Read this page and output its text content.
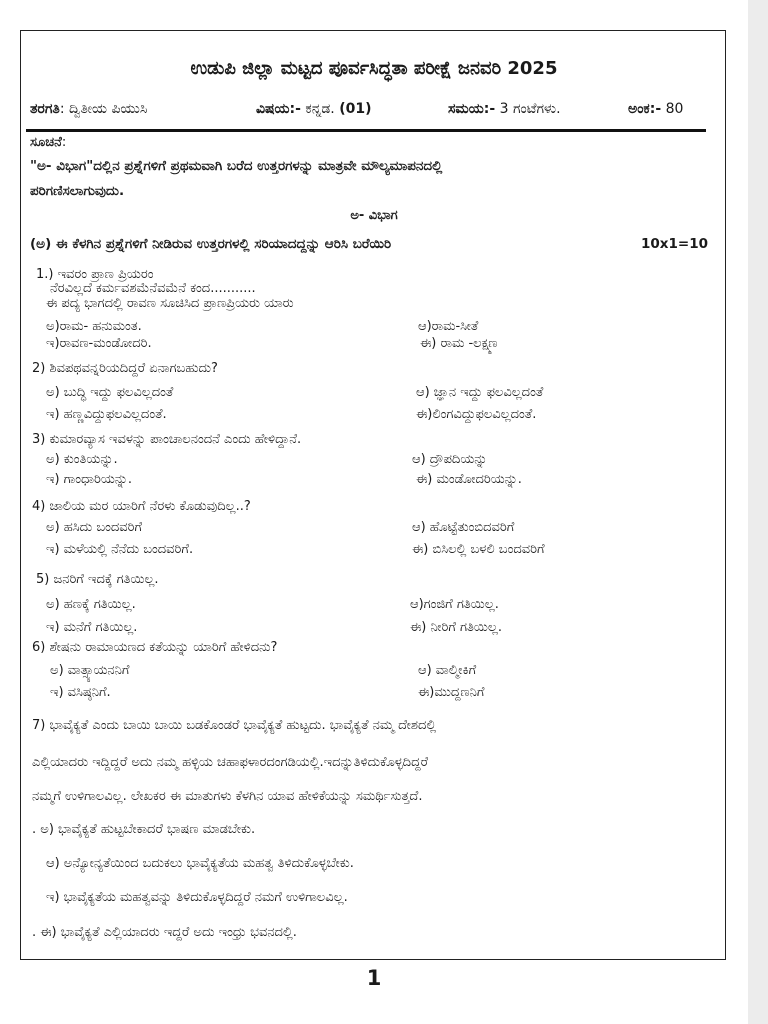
ಉಡುಪಿ ಜಿಲ್ಲಾ ಮಟ್ಟದ ಪೂರ್ವಸಿದ್ಧತಾ ಪರೀಕ್ಷೆ ಜನವರಿ 2025
ತರಗತಿ: ದ್ವಿತೀಯ ಪಿಯುಸಿ	ವಿಷಯ:- ಕನ್ನಡ. (01)	ಸಮಯ:- 3 ಗಂಟೆಗಳು.	ಅಂಕ:- 80
ಸೂಚನೆ:
"ಅ- ವಿಭಾಗ"ದಲ್ಲಿನ ಪ್ರಶ್ನೆಗಳಿಗೆ ಪ್ರಥಮವಾಗಿ ಬರೆದ ಉತ್ತರಗಳನ್ನು ಮಾತ್ರವೇ ಮೌಲ್ಯಮಾಪನದಲ್ಲಿ
ಪರಿಗಣಿಸಲಾಗುವುದು.
ಅ- ವಿಭಾಗ
(ಅ) ಈ ಕೆಳಗಿನ ಪ್ರಶ್ನೆಗಳಿಗೆ ನೀಡಿರುವ ಉತ್ತರಗಳಲ್ಲಿ ಸರಿಯಾದದ್ದನ್ನು ಆರಿಸಿ ಬರೆಯಿರಿ	10x1=10
1.) ಇವರಂ ಪ್ರಾಣ ಪ್ರಿಯರಂ
ನೆರವಿಲ್ಲದೆ ಕರ್ಮವಶಮೆನೆವಮೆನೆ ಕಂದ...........
ಈ ಪದ್ಯ ಭಾಗದಲ್ಲಿ ರಾವಣ ಸೂಚಿಸಿದ ಪ್ರಾಣಪ್ರಿಯರು ಯಾರು
ಅ)ರಾಮ- ಹನುಮಂತ.	ಆ)ರಾಮ-ಸೀತೆ
ಇ)ರಾವಣ-ಮಂಡೋದರಿ.	ಈ) ರಾಮ -ಲಕ್ಷ್ಮಣ
2) ಶಿವಪಥವನ್ನರಿಯದಿದ್ದರೆ ಏನಾಗಬಹುದು?
ಅ) ಬುದ್ಧಿ ಇದ್ದು ಫಲವಿಲ್ಲದಂತೆ	ಆ) ಜ್ಞಾನ ಇದ್ದು ಫಲವಿಲ್ಲದಂತೆ
ಇ) ಹಣ್ಣವಿದ್ದುಫಲವಿಲ್ಲದಂತೆ.	ಈ)ಲಿಂಗವಿದ್ದುಫಲವಿಲ್ಲದಂತೆ.
3) ಕುಮಾರವ್ಯಾಸ ಇವಳನ್ನು ಪಾಂಚಾಲನಂದನೆ ಎಂದು ಹೇಳಿದ್ದಾನೆ.
ಅ) ಕುಂತಿಯನ್ನು.	ಆ) ದ್ರೌಪದಿಯನ್ನು
ಇ) ಗಾಂಧಾರಿಯನ್ನು.	ಈ) ಮಂಡೋದರಿಯನ್ನು.
4) ಜಾಲಿಯ ಮರ ಯಾರಿಗೆ ನೆರಳು ಕೊಡುವುದಿಲ್ಲ..?
ಅ) ಹಸಿದು ಬಂದವರಿಗೆ	ಆ) ಹೊಟ್ಟೆತುಂಬಿದವರಿಗೆ
ಇ) ಮಳೆಯಲ್ಲಿ ನೆನೆದು ಬಂದವರಿಗೆ.	ಈ) ಬಿಸಿಲಲ್ಲಿ ಬಳಲಿ ಬಂದವರಿಗೆ
5) ಜನರಿಗೆ ಇದಕ್ಕೆ ಗತಿಯಿಲ್ಲ.
ಅ) ಹಣಕ್ಕೆ ಗತಿಯಿಲ್ಲ.	ಆ)ಗಂಜಿಗೆ ಗತಿಯಿಲ್ಲ.
ಇ) ಮನೆಗೆ ಗತಿಯಿಲ್ಲ.	ಈ) ನೀರಿಗೆ ಗತಿಯಿಲ್ಲ.
6) ಶೇಷನು ರಾಮಾಯಣದ ಕತೆಯನ್ನು ಯಾರಿಗೆ ಹೇಳಿದನು?
ಅ) ವಾತ್ಸ್ಯಾಯನನಿಗೆ	ಆ) ವಾಲ್ಮೀಕಿಗೆ
ಇ) ವಸಿಷ್ಠನಿಗೆ.	ಈ)ಮುದ್ದಣನಿಗೆ
7) ಭಾವೈಕ್ಯತೆ ಎಂದು ಬಾಯಿ ಬಾಯಿ ಬಡಕೊಂಡರೆ ಭಾವೈಕ್ಯತೆ ಹುಟ್ಟದು. ಭಾವೈಕ್ಯತೆ ನಮ್ಮ ದೇಶದಲ್ಲಿ
ಎಲ್ಲಿಯಾದರು ಇದ್ದಿದ್ದರೆ ಅದು ನಮ್ಮ ಹಳ್ಳಿಯ ಚಹಾಫಳಾರದಂಗಡಿಯಲ್ಲಿ.ಇದನ್ನುತಿಳಿದುಕೊಳ್ಳದಿದ್ದರೆ
ನಮ್ಮಗೆ ಉಳಿಗಾಲವಿಲ್ಲ. ಲೇಖಕರ ಈ ಮಾತುಗಳು ಕೆಳಗಿನ ಯಾವ ಹೇಳಿಕೆಯನ್ನು ಸಮರ್ಥಿಸುತ್ತದೆ.
. ಅ) ಭಾವೈಕ್ಯತೆ ಹುಟ್ಟಬೇಕಾದರೆ ಭಾಷಣ ಮಾಡಬೇಕು.
ಆ) ಅನ್ಯೋನ್ಯತೆಯಿಂದ ಬದುಕಲು ಭಾವೈಕ್ಯತೆಯ ಮಹತ್ವ ತಿಳಿದುಕೊಳ್ಳಬೇಕು.
ಇ) ಭಾವೈಕ್ಯತೆಯ ಮಹತ್ವವನ್ನು ತಿಳಿದುಕೊಳ್ಳದಿದ್ದರೆ ನಮಗೆ ಉಳಿಗಾಲವಿಲ್ಲ.
. ಈ) ಭಾವೈಕ್ಯತೆ ಎಲ್ಲಿಯಾದರು ಇದ್ದರೆ ಅದು ಇಂಧ್ರು ಭವನದಲ್ಲಿ.
1
